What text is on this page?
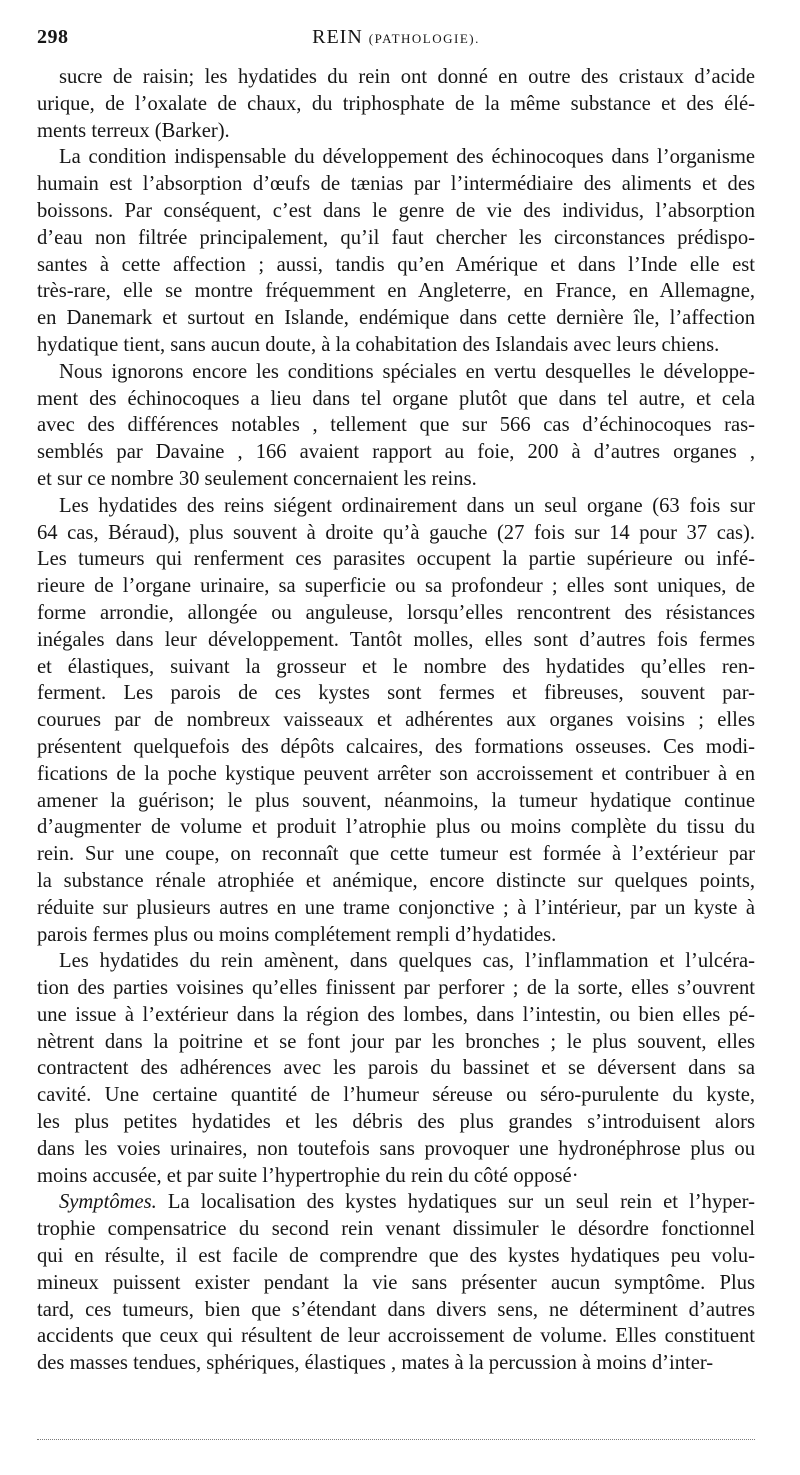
298	REIN (PATHOLOGIE).

sucre de raisin; les hydatides du rein ont donné en outre des cristaux d’acide
urique, de l’oxalate de chaux, du triphosphate de la même substance et des élé-
ments terreux (Barker).

La condition indispensable du développement des échinocoques dans l’organisme
humain est l’absorption d’œufs de tænias par l’intermédiaire des aliments et des
boissons. Par conséquent, c’est dans le genre de vie des individus, l’absorption
d’eau non filtrée principalement, qu’il faut chercher les circonstances prédispo-
santes à cette affection ; aussi, tandis qu’en Amérique et dans l’Inde elle est
très-rare, elle se montre fréquemment en Angleterre, en France, en Allemagne,
en Danemark et surtout en Islande, endémique dans cette dernière île, l’affection
hydatique tient, sans aucun doute, à la cohabitation des Islandais avec leurs chiens.

Nous ignorons encore les conditions spéciales en vertu desquelles le développe-
ment des échinocoques a lieu dans tel organe plutôt que dans tel autre, et cela
avec des différences notables , tellement que sur 566 cas d’échinocoques ras-
semblés par Davaine , 166 avaient rapport au foie, 200 à d’autres organes ,
et sur ce nombre 30 seulement concernaient les reins.

Les hydatides des reins siégent ordinairement dans un seul organe (63 fois sur
64 cas, Béraud), plus souvent à droite qu’à gauche (27 fois sur 14 pour 37 cas).
Les tumeurs qui renferment ces parasites occupent la partie supérieure ou infé-
rieure de l’organe urinaire, sa superficie ou sa profondeur ; elles sont uniques, de
forme arrondie, allongée ou anguleuse, lorsqu’elles rencontrent des résistances
inégales dans leur développement. Tantôt molles, elles sont d’autres fois fermes
et élastiques, suivant la grosseur et le nombre des hydatides qu’elles ren-
ferment. Les parois de ces kystes sont fermes et fibreuses, souvent par-
courues par de nombreux vaisseaux et adhérentes aux organes voisins ; elles
présentent quelquefois des dépôts calcaires, des formations osseuses. Ces modi-
fications de la poche kystique peuvent arrêter son accroissement et contribuer à en
amener la guérison; le plus souvent, néanmoins, la tumeur hydatique continue
d’augmenter de volume et produit l’atrophie plus ou moins complète du tissu du
rein. Sur une coupe, on reconnaît que cette tumeur est formée à l’extérieur par
la substance rénale atrophiée et anémique, encore distincte sur quelques points,
réduite sur plusieurs autres en une trame conjonctive ; à l’intérieur, par un kyste à
parois fermes plus ou moins complétement rempli d’hydatides.

Les hydatides du rein amènent, dans quelques cas, l’inflammation et l’ulcéra-
tion des parties voisines qu’elles finissent par perforer ; de la sorte, elles s’ouvrent
une issue à l’extérieur dans la région des lombes, dans l’intestin, ou bien elles pé-
nètrent dans la poitrine et se font jour par les bronches ; le plus souvent, elles
contractent des adhérences avec les parois du bassinet et se déversent dans sa
cavité. Une certaine quantité de l’humeur séreuse ou séro-purulente du kyste,
les plus petites hydatides et les débris des plus grandes s’introduisent alors
dans les voies urinaires, non toutefois sans provoquer une hydronéphrose plus ou
moins accusée, et par suite l’hypertrophie du rein du côté opposé·

Symptômes. La localisation des kystes hydatiques sur un seul rein et l’hyper-
trophie compensatrice du second rein venant dissimuler le désordre fonctionnel
qui en résulte, il est facile de comprendre que des kystes hydatiques peu volu-
mineux puissent exister pendant la vie sans présenter aucun symptôme. Plus
tard, ces tumeurs, bien que s’étendant dans divers sens, ne déterminent d’autres
accidents que ceux qui résultent de leur accroissement de volume. Elles constituent
des masses tendues, sphériques, élastiques , mates à la percussion à moins d’inter-
